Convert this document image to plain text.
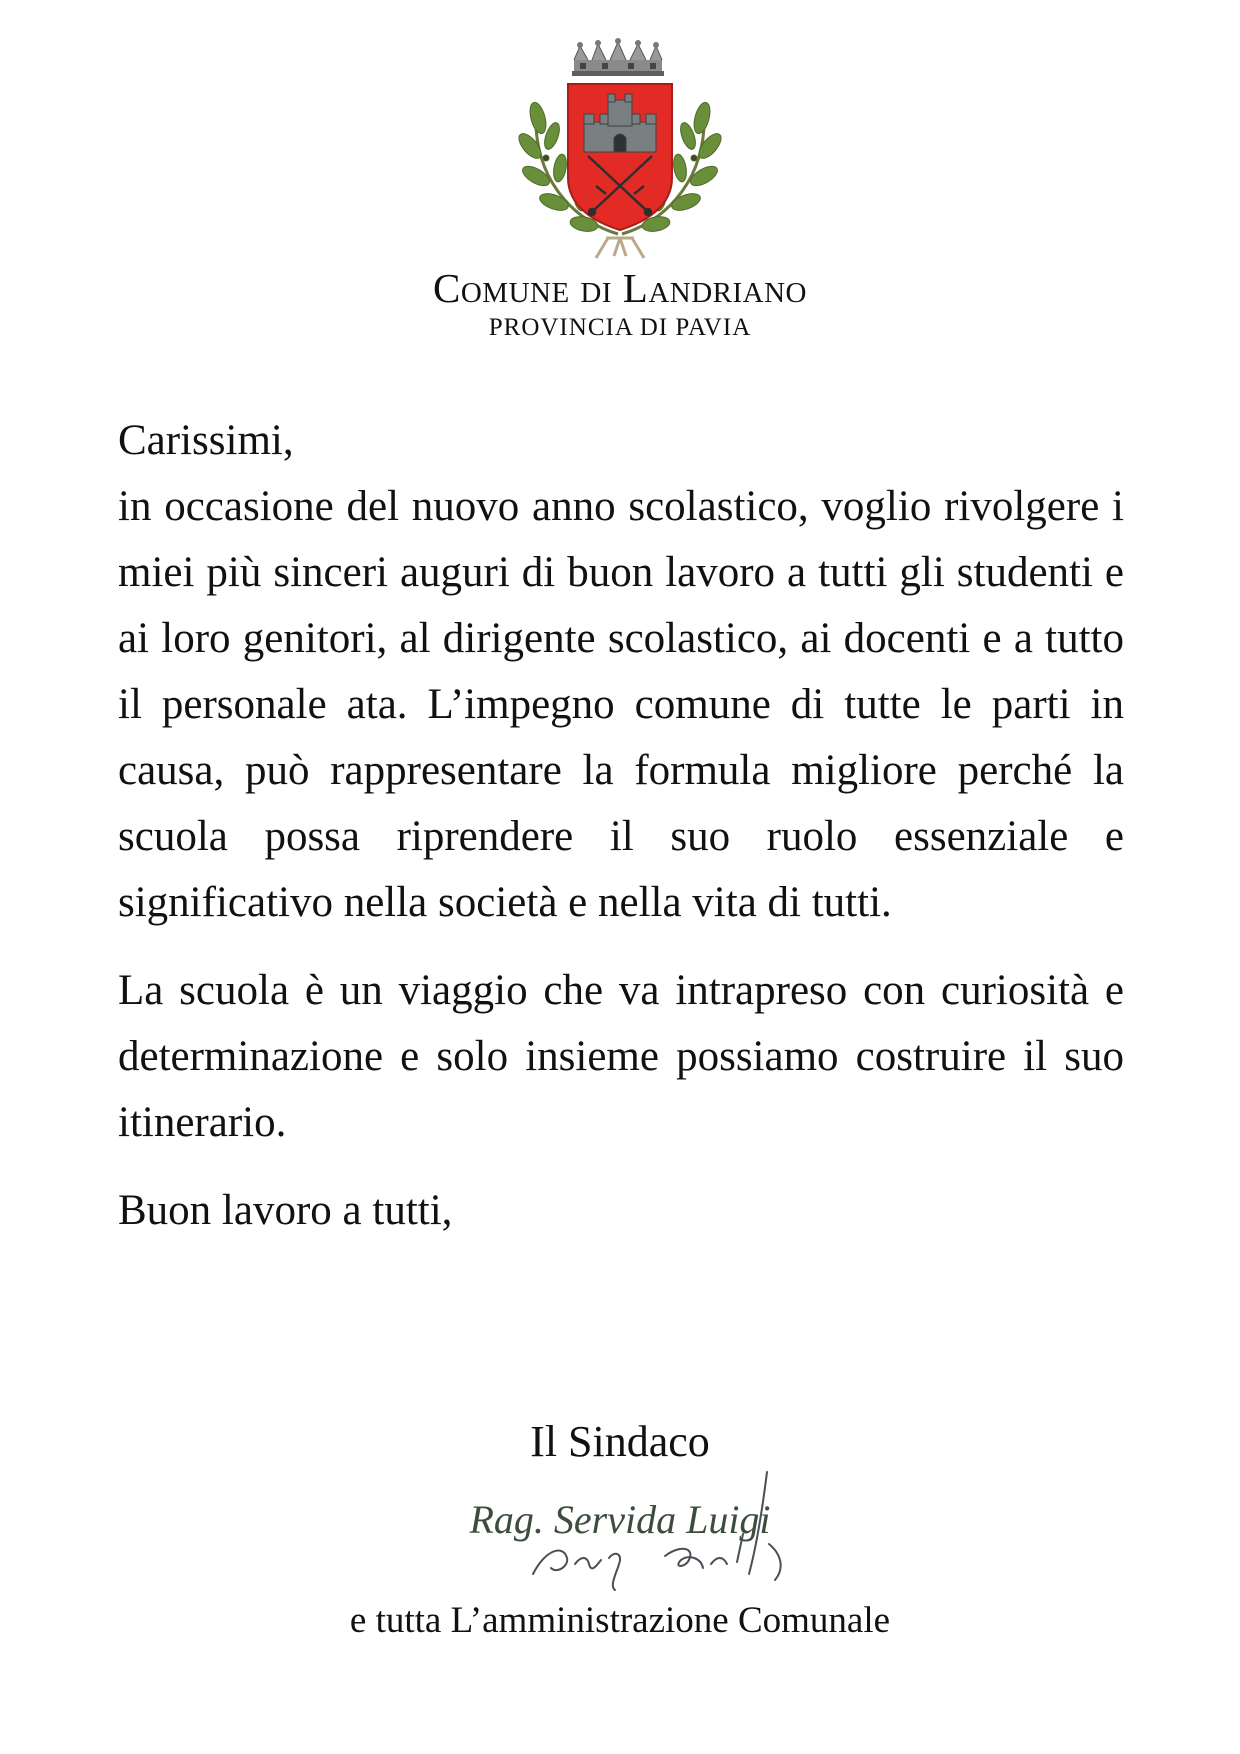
Comune di Landriano
PROVINCIA DI PAVIA

Carissimi,

in occasione del nuovo anno scolastico, voglio rivolgere i miei più sinceri auguri di buon lavoro a tutti gli studenti e ai loro genitori, al dirigente scolastico, ai docenti e a tutto il personale ata. L’impegno comune di tutte le parti in causa, può rappresentare la formula migliore perché la scuola possa riprendere il suo ruolo essenziale e significativo nella società e nella vita di tutti.

La scuola è un viaggio che va intrapreso con curiosità e determinazione e solo insieme possiamo costruire il suo itinerario.

Buon lavoro a tutti,

Il Sindaco
Rag. Servida Luigi
e tutta L’amministrazione Comunale
